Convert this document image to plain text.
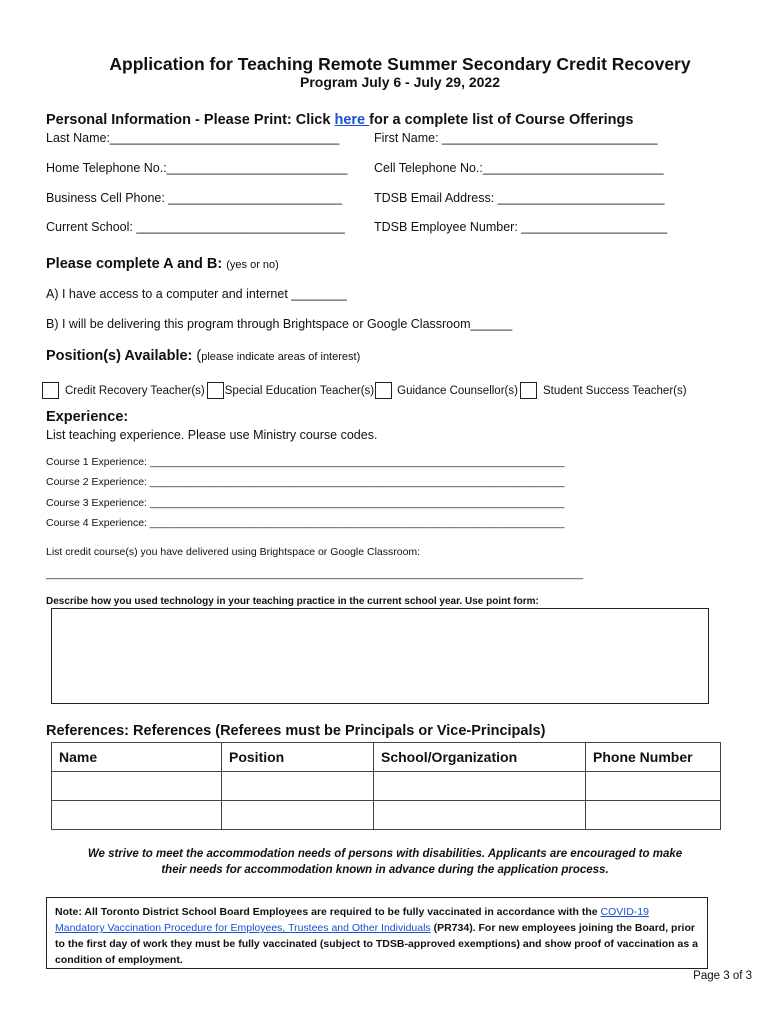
Application for Teaching Remote Summer Secondary Credit Recovery
Program July 6 - July 29, 2022
Personal Information - Please Print: Click here for a complete list of Course Offerings
Last Name:_________________________________	First Name: _______________________________
Home Telephone No.:__________________________ Cell Telephone No.:__________________________
Business Cell Phone: _________________________	TDSB Email Address: ________________________
Current School: ______________________________ TDSB Employee Number: _____________________
Please complete A and B: (yes or no)
A) I have access to a computer and internet ________
B) I will be delivering this program through Brightspace or Google Classroom______
Position(s) Available: (please indicate areas of interest)
Credit Recovery Teacher(s) Special Education Teacher(s) Guidance Counsellor(s) Student Success Teacher(s)
Experience:
List teaching experience. Please use Ministry course codes.
Course 1 Experience: _______________________________________________________________________
Course 2 Experience: _______________________________________________________________________
Course 3 Experience: _______________________________________________________________________
Course 4 Experience: _______________________________________________________________________
List credit course(s) you have delivered using Brightspace or Google Classroom:
____________________________________________________________________________________________
Describe how you used technology in your teaching practice in the current school year. Use point form:
References: References (Referees must be Principals or Vice-Principals)
Name	Position	School/Organization	Phone Number

We strive to meet the accommodation needs of persons with disabilities. Applicants are encouraged to make
their needs for accommodation known in advance during the application process.
Note: All Toronto District School Board Employees are required to be fully vaccinated in accordance with the COVID-19 Mandatory Vaccination Procedure for Employees, Trustees and Other Individuals (PR734). For new employees joining the Board, prior to the first day of work they must be fully vaccinated (subject to TDSB-approved exemptions) and show proof of vaccination as a condition of employment.
Page 3 of 3
